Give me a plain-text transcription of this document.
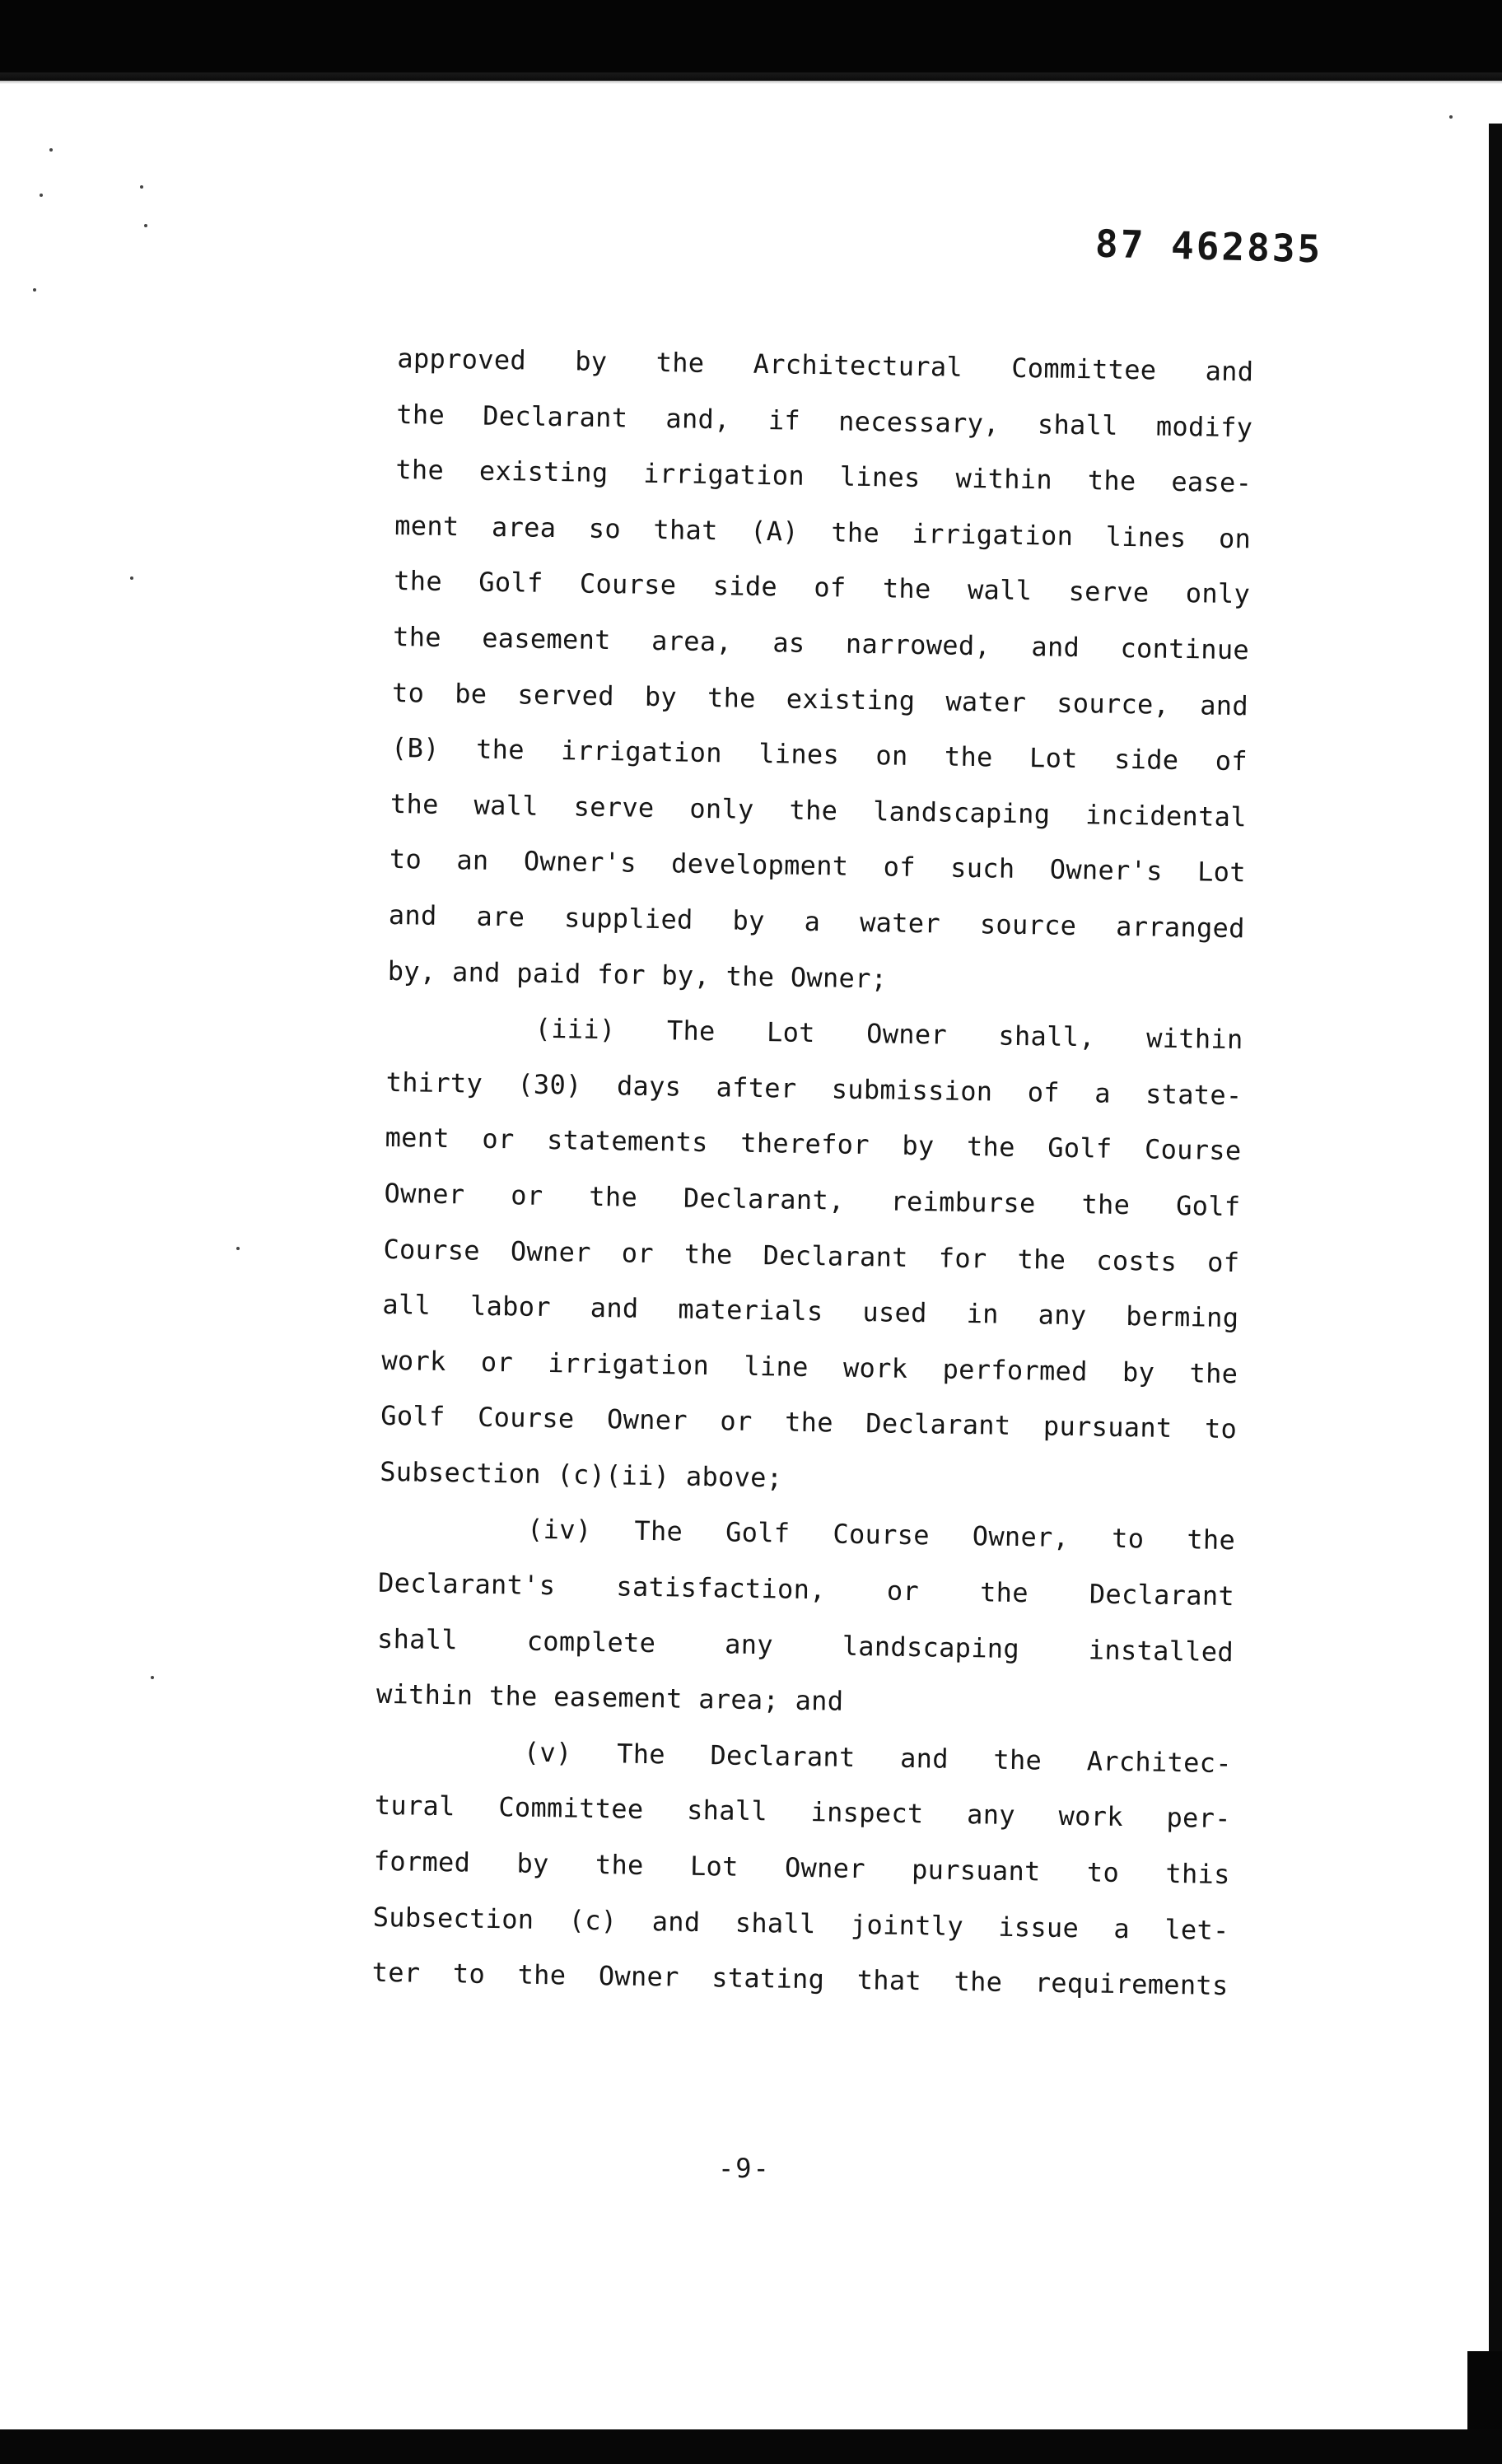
87 462835
approved by the Architectural Committee and
the Declarant and, if necessary, shall modify
the existing irrigation lines within the ease-
ment area so that (A) the irrigation lines on
the Golf Course side of the wall serve only
the easement area, as narrowed, and continue
to be served by the existing water source, and
(B) the irrigation lines on the Lot side of
the wall serve only the landscaping incidental
to an Owner's development of such Owner's Lot
and are supplied by a water source arranged
by, and paid for by, the Owner;
(iii) The Lot Owner shall, within
thirty (30) days after submission of a state-
ment or statements therefor by the Golf Course
Owner or the Declarant, reimburse the Golf
Course Owner or the Declarant for the costs of
all labor and materials used in any berming
work or irrigation line work performed by the
Golf Course Owner or the Declarant pursuant to
Subsection (c)(ii) above;
(iv) The Golf Course Owner, to the
Declarant's satisfaction, or the Declarant
shall complete any landscaping installed
within the easement area; and
(v) The Declarant and the Architec-
tural Committee shall inspect any work per-
formed by the Lot Owner pursuant to this
Subsection (c) and shall jointly issue a let-
ter to the Owner stating that the requirements
-9-
